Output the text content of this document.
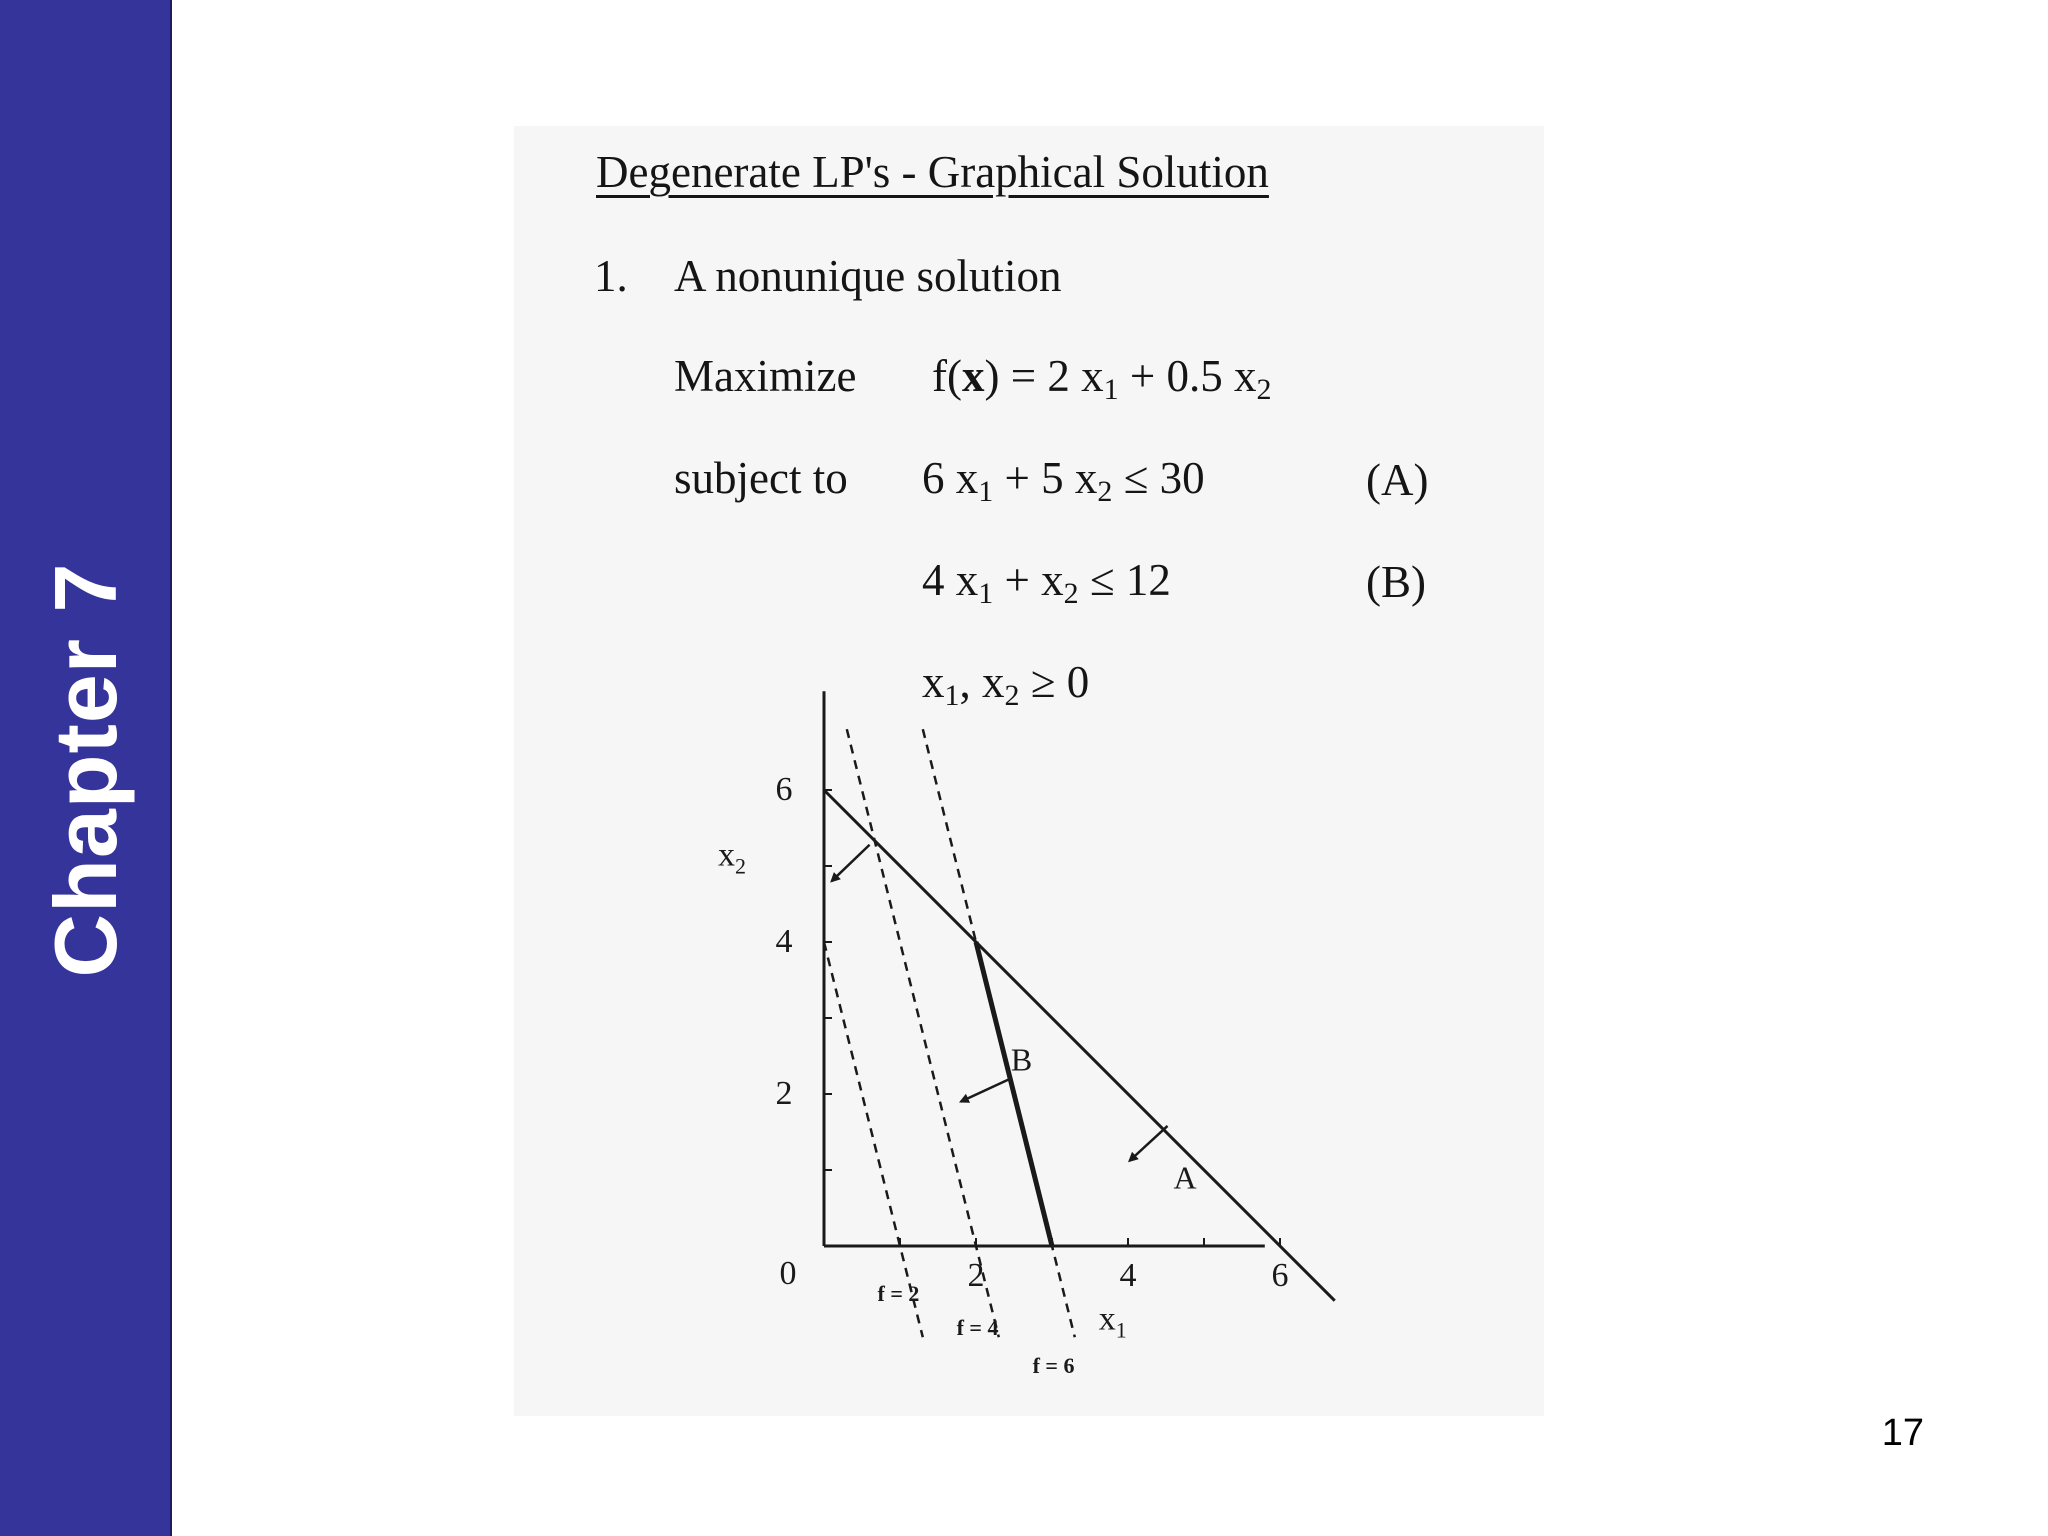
Chapter 7
Degenerate LP's - Graphical Solution
1. A nonunique solution
Maximize f(x) = 2 $x_1 + 0.5$ $x_2$
subject to 6 $x_1 + 5$ $x_2 \le 30$	(A)
4 $x_1 + x_2 \le 12$	(B)
$x_1$, $x_2 \ge 0$
0	2	4	6
2
4
6
$x_1$
$x_2$
A
B
f = 2
f = 4
f = 6
17
